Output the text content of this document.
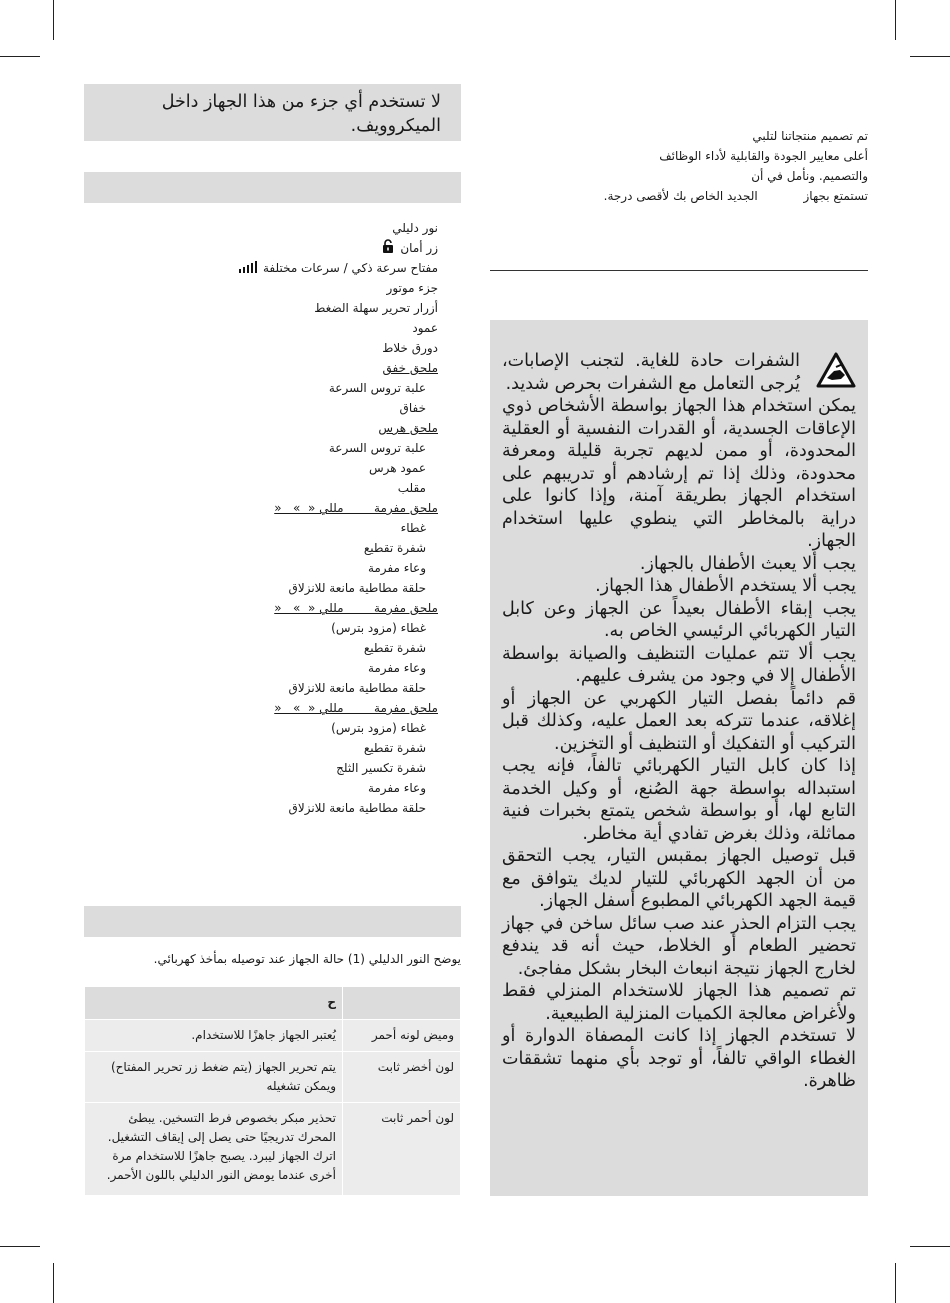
لا تستخدم أي جزء من هذا الجهاز داخل الميكروويف.
نور دليلي
زر أمان
مفتاح سرعة ذكي / سرعات مختلفة
جزء موتور
أزرار تحرير سهلة الضغط
عمود
دورق خلاط
ملحق خفق
علبة تروس السرعة
خفاق
ملحق هرس
علبة تروس السرعة
عمود هرس
مقلب
ملحق مفرمة        مللي «  »   «
غطاء
شفرة تقطيع
وعاء مفرمة
حلقة مطاطية مانعة للانزلاق
ملحق مفرمة        مللي «  »   «
غطاء (مزود بترس)
شفرة تقطيع
وعاء مفرمة
حلقة مطاطية مانعة للانزلاق
ملحق مفرمة        مللي «  »   «
غطاء (مزود بترس)
شفرة تقطيع
شفرة تكسير الثلج
وعاء مفرمة
حلقة مطاطية مانعة للانزلاق
يوضح النور الدليلي (1) حالة الجهاز عند توصيله بمأخذ كهربائي.
	ح
وميض لونه أحمر	يُعتبر الجهاز جاهزًا للاستخدام.
لون أخضر ثابت	يتم تحرير الجهاز (يتم ضغط زر تحرير المفتاح) ويمكن تشغيله
لون أحمر ثابت	تحذير مبكر بخصوص فرط التسخين. يبطئ المحرك تدريجيًا حتى يصل إلى إيقاف التشغيل. اترك الجهاز ليبرد. يصبح جاهزًا للاستخدام مرة أخرى عندما يومض النور الدليلي باللون الأحمر.
تم تصميم منتجاتنا لتلبي
أعلى معايير الجودة والقابلية لأداء الوظائف
والتصميم. ونأمل في أن
تستمتع بجهاز            الجديد الخاص بك لأقصى درجة.

الشفرات حادة للغاية. لتجنب الإصابات، يُرجى التعامل مع الشفرات بحرص شديد.

يمكن استخدام هذا الجهاز بواسطة الأشخاص ذوي الإعاقات الجسدية، أو القدرات النفسية أو العقلية المحدودة، أو ممن لديهم تجربة قليلة ومعرفة محدودة، وذلك إذا تم إرشادهم أو تدريبهم على استخدام الجهاز بطريقة آمنة، وإذا كانوا على دراية بالمخاطر التي ينطوي عليها استخدام الجهاز.

يجب ألا يعبث الأطفال بالجهاز.

يجب ألا يستخدم الأطفال هذا الجهاز.

يجب إبقاء الأطفال بعيداً عن الجهاز وعن كابل التيار الكهربائي الرئيسي الخاص به.

يجب ألا تتم عمليات التنظيف والصيانة بواسطة الأطفال إلا في وجود من يشرف عليهم.

قم دائماً بفصل التيار الكهربي عن الجهاز أو إغلاقه، عندما تتركه بعد العمل عليه، وكذلك قبل التركيب أو التفكيك أو التنظيف أو التخزين.

إذا كان كابل التيار الكهربائي تالفاً، فإنه يجب استبداله بواسطة جهة الصُنع، أو وكيل الخدمة التابع لها، أو بواسطة شخص يتمتع بخبرات فنية مماثلة، وذلك بغرض تفادي أية مخاطر.

قبل توصيل الجهاز بمقبس التيار، يجب التحقق من أن الجهد الكهربائي للتيار لديك يتوافق مع قيمة الجهد الكهربائي المطبوع أسفل الجهاز.

يجب التزام الحذر عند صب سائل ساخن في جهاز تحضير الطعام أو الخلاط، حيث أنه قد يندفع لخارج الجهاز نتيجة انبعاث البخار بشكل مفاجئ.

تم تصميم هذا الجهاز للاستخدام المنزلي فقط ولأغراض معالجة الكميات المنزلية الطبيعية.

لا تستخدم الجهاز إذا كانت المصفاة الدوارة أو الغطاء الواقي تالفاً، أو توجد بأي منهما تشققات ظاهرة.
